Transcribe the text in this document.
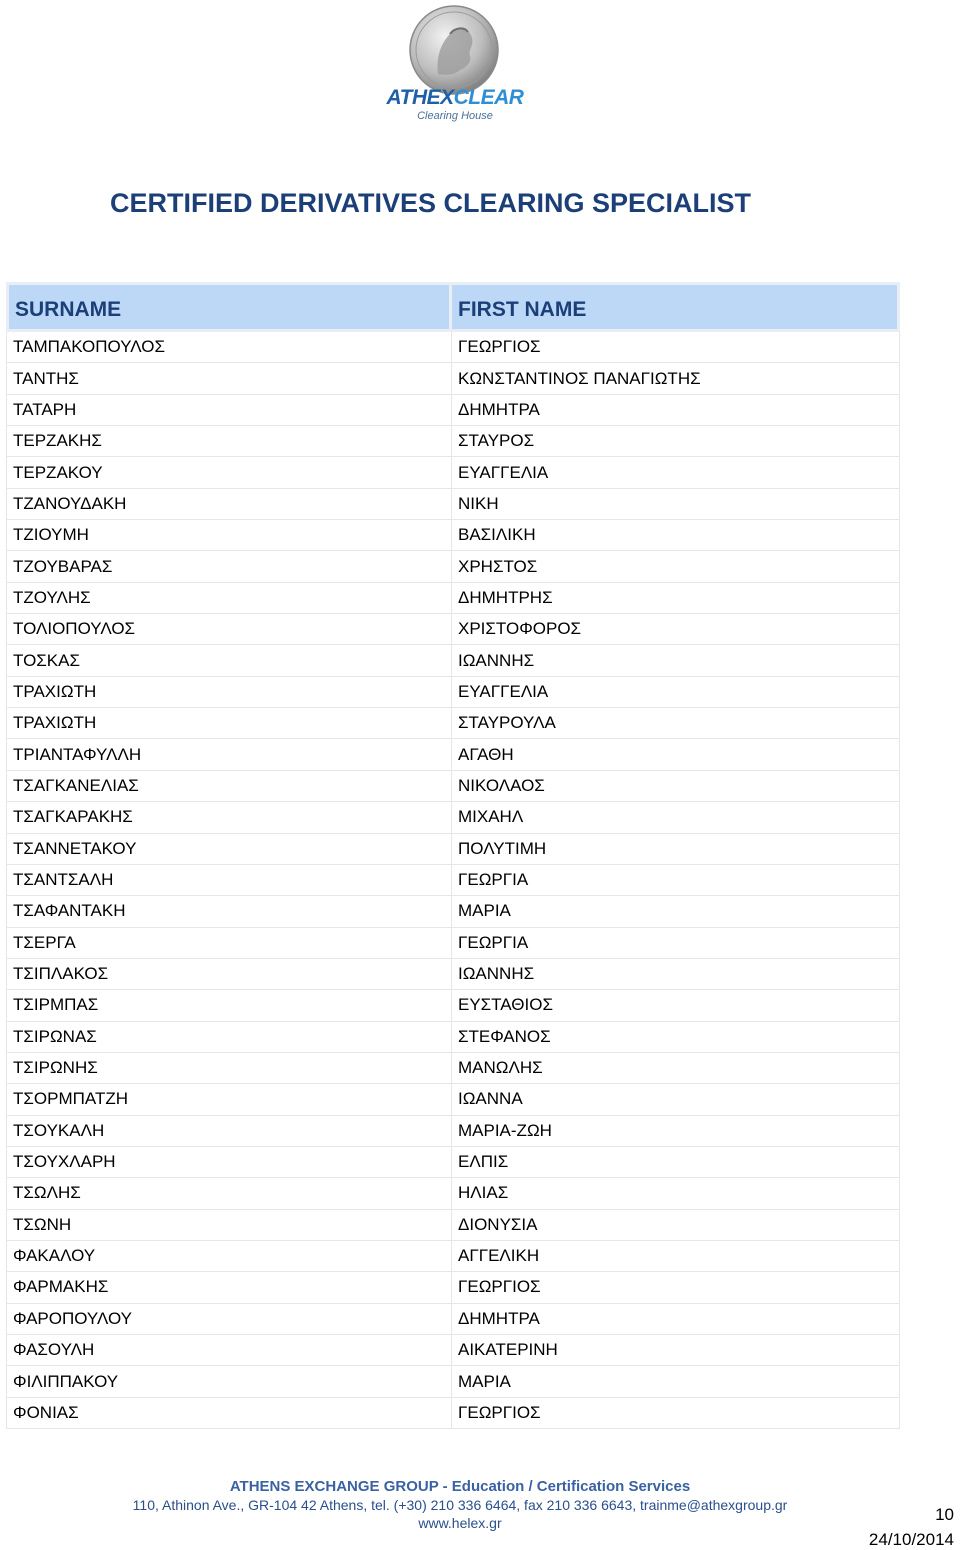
ATHEXCLEAR
Clearing House
CERTIFIED DERIVATIVES CLEARING SPECIALIST
SURNAME	FIRST NAME
ΤΑΜΠΑΚΟΠΟΥΛΟΣ	ΓΕΩΡΓΙΟΣ
ΤΑΝΤΗΣ	ΚΩΝΣΤΑΝΤΙΝΟΣ ΠΑΝΑΓΙΩΤΗΣ
ΤΑΤΑΡΗ	ΔΗΜΗΤΡΑ
ΤΕΡΖΑΚΗΣ	ΣΤΑΥΡΟΣ
ΤΕΡΖΑΚΟΥ	ΕΥΑΓΓΕΛΙΑ
ΤΖΑΝΟΥΔΑΚΗ	ΝΙΚΗ
ΤΖΙΟΥΜΗ	ΒΑΣΙΛΙΚΗ
ΤΖΟΥΒΑΡΑΣ	ΧΡΗΣΤΟΣ
ΤΖΟΥΛΗΣ	ΔΗΜΗΤΡΗΣ
ΤΟΛΙΟΠΟΥΛΟΣ	ΧΡΙΣΤΟΦΟΡΟΣ
ΤΟΣΚΑΣ	ΙΩΑΝΝΗΣ
ΤΡΑΧΙΩΤΗ	ΕΥΑΓΓΕΛΙΑ
ΤΡΑΧΙΩΤΗ	ΣΤΑΥΡΟΥΛΑ
ΤΡΙΑΝΤΑΦΥΛΛΗ	ΑΓΑΘΗ
ΤΣΑΓΚΑΝΕΛΙΑΣ	ΝΙΚΟΛΑΟΣ
ΤΣΑΓΚΑΡΑΚΗΣ	ΜΙΧΑΗΛ
ΤΣΑΝΝΕΤΑΚΟΥ	ΠΟΛΥΤΙΜΗ
ΤΣΑΝΤΣΑΛΗ	ΓΕΩΡΓΙΑ
ΤΣΑΦΑΝΤΑΚΗ	ΜΑΡΙΑ
ΤΣΕΡΓΑ	ΓΕΩΡΓΙΑ
ΤΣΙΠΛΑΚΟΣ	ΙΩΑΝΝΗΣ
ΤΣΙΡΜΠΑΣ	ΕΥΣΤΑΘΙΟΣ
ΤΣΙΡΩΝΑΣ	ΣΤΕΦΑΝΟΣ
ΤΣΙΡΩΝΗΣ	ΜΑΝΩΛΗΣ
ΤΣΟΡΜΠΑΤΖΗ	ΙΩΑΝΝΑ
ΤΣΟΥΚΑΛΗ	ΜΑΡΙΑ-ΖΩΗ
ΤΣΟΥΧΛΑΡΗ	ΕΛΠΙΣ
ΤΣΩΛΗΣ	ΗΛΙΑΣ
ΤΣΩΝΗ	ΔΙΟΝΥΣΙΑ
ΦΑΚΑΛΟΥ	ΑΓΓΕΛΙΚΗ
ΦΑΡΜΑΚΗΣ	ΓΕΩΡΓΙΟΣ
ΦΑΡΟΠΟΥΛΟΥ	ΔΗΜΗΤΡΑ
ΦΑΣΟΥΛΗ	ΑΙΚΑΤΕΡΙΝΗ
ΦΙΛΙΠΠΑΚΟΥ	ΜΑΡΙΑ
ΦΟΝΙΑΣ	ΓΕΩΡΓΙΟΣ
ATHENS EXCHANGE GROUP - Education / Certification Services
110, Athinon Ave., GR-104 42 Athens, tel. (+30) 210 336 6464, fax 210 336 6643, trainme@athexgroup.gr
www.helex.gr	10
24/10/2014
